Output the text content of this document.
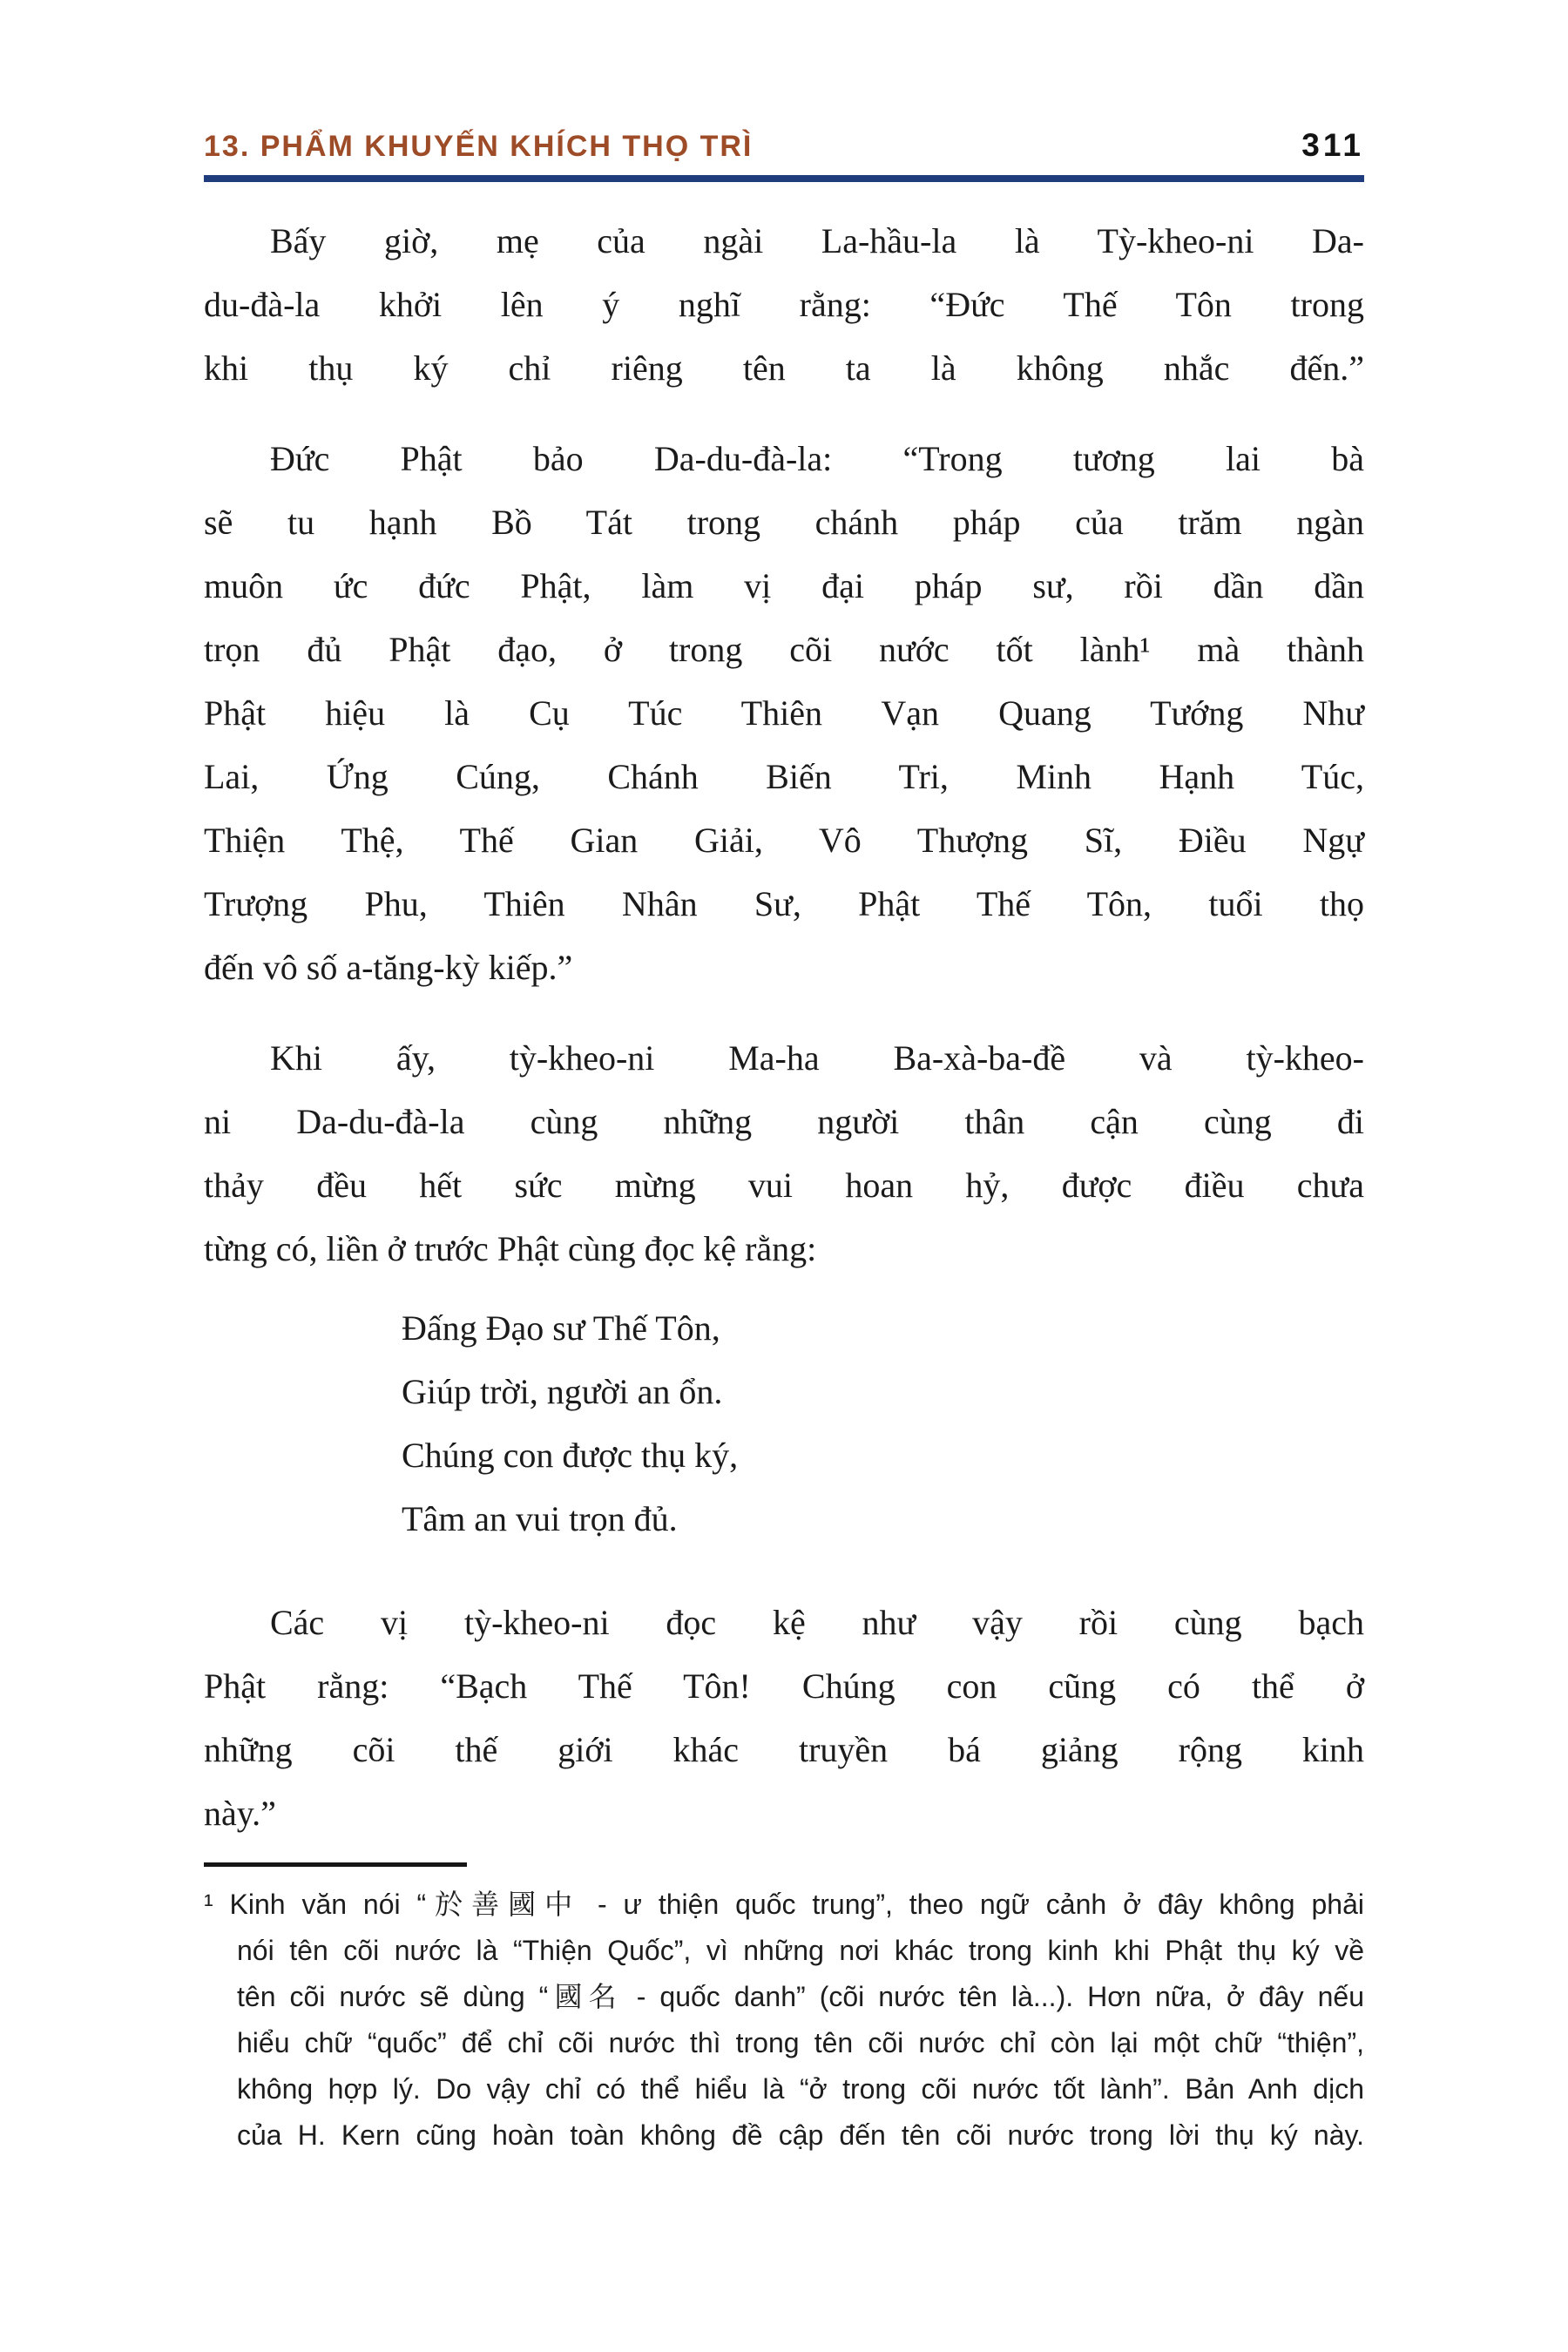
13. PHẨM KHUYẾN KHÍCH THỌ TRÌ	311
Bấy giờ, mẹ của ngài La-hầu-la là Tỳ-kheo-ni Da-
du-đà-la khởi lên ý nghĩ rằng: “Đức Thế Tôn trong
khi thụ ký chỉ riêng tên ta là không nhắc đến.”
Đức Phật bảo Da-du-đà-la: “Trong tương lai bà
sẽ tu hạnh Bồ Tát trong chánh pháp của trăm ngàn
muôn ức đức Phật, làm vị đại pháp sư, rồi dần dần
trọn đủ Phật đạo, ở trong cõi nước tốt lành¹ mà thành
Phật hiệu là Cụ Túc Thiên Vạn Quang Tướng Như
Lai, Ứng Cúng, Chánh Biến Tri, Minh Hạnh Túc,
Thiện Thệ, Thế Gian Giải, Vô Thượng Sĩ, Điều Ngự
Trượng Phu, Thiên Nhân Sư, Phật Thế Tôn, tuổi thọ
đến vô số a-tăng-kỳ kiếp.”
Khi ấy, tỳ-kheo-ni Ma-ha Ba-xà-ba-đề và tỳ-kheo-
ni Da-du-đà-la cùng những người thân cận cùng đi
thảy đều hết sức mừng vui hoan hỷ, được điều chưa
từng có, liền ở trước Phật cùng đọc kệ rằng:
Đấng Đạo sư Thế Tôn,
Giúp trời, người an ổn.
Chúng con được thụ ký,
Tâm an vui trọn đủ.
Các vị tỳ-kheo-ni đọc kệ như vậy rồi cùng bạch
Phật rằng: “Bạch Thế Tôn! Chúng con cũng có thể ở
những cõi thế giới khác truyền bá giảng rộng kinh
này.”
¹ Kinh văn nói “於善國中 - ư thiện quốc trung”, theo ngữ cảnh ở đây không phải
nói tên cõi nước là “Thiện Quốc”, vì những nơi khác trong kinh khi Phật thụ ký về
tên cõi nước sẽ dùng “國名 - quốc danh” (cõi nước tên là...). Hơn nữa, ở đây nếu
hiểu chữ “quốc” để chỉ cõi nước thì trong tên cõi nước chỉ còn lại một chữ “thiện”,
không hợp lý. Do vậy chỉ có thể hiểu là “ở trong cõi nước tốt lành”. Bản Anh dịch
của H. Kern cũng hoàn toàn không đề cập đến tên cõi nước trong lời thụ ký này.
